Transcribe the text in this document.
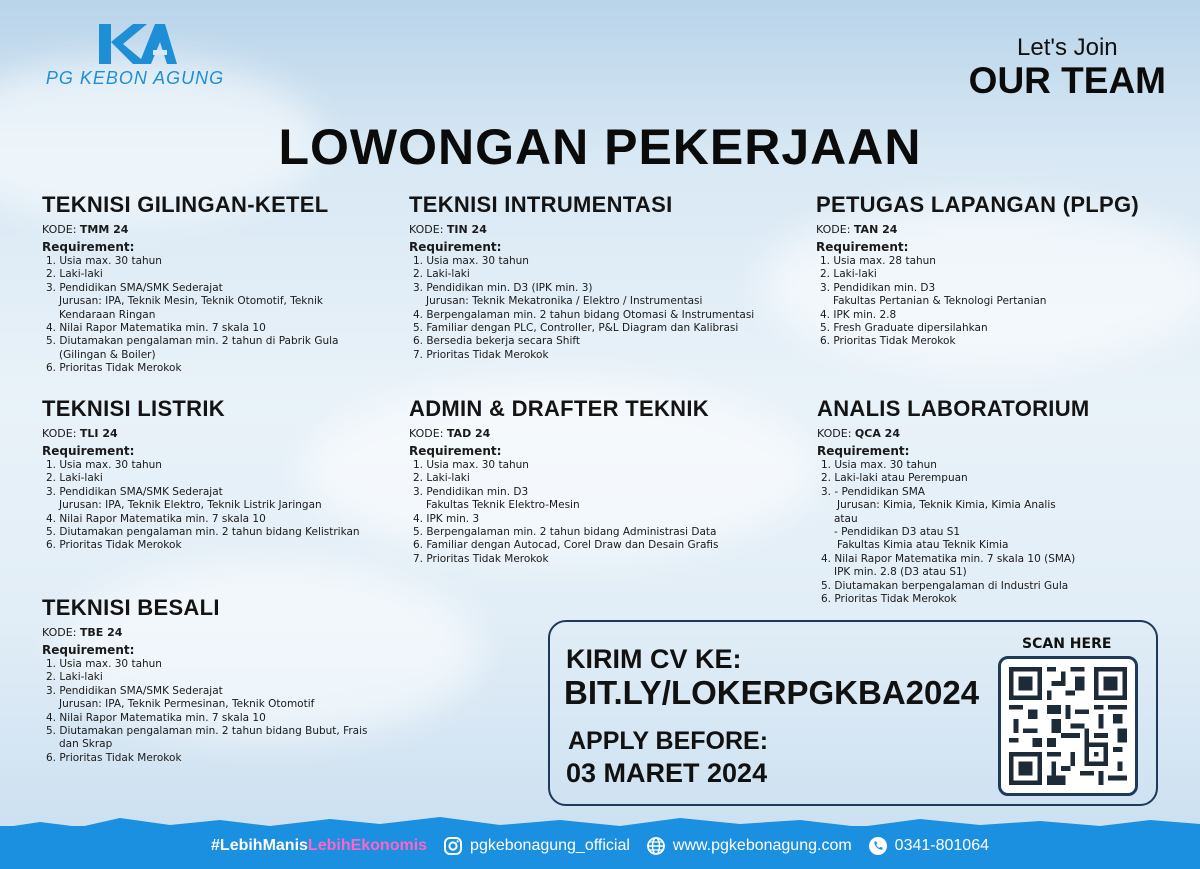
PG KEBON AGUNG
Let's Join
OUR TEAM
LOWONGAN PEKERJAAN
TEKNISI GILINGAN-KETEL
KODE: TMM 24
Requirement:
1. Usia max. 30 tahun
2. Laki-laki
3. Pendidikan SMA/SMK Sederajat
Jurusan: IPA, Teknik Mesin, Teknik Otomotif, Teknik
Kendaraan Ringan
4. Nilai Rapor Matematika min. 7 skala 10
5. Diutamakan pengalaman min. 2 tahun di Pabrik Gula
(Gilingan & Boiler)
6. Prioritas Tidak Merokok
TEKNISI INTRUMENTASI
KODE: TIN 24
Requirement:
1. Usia max. 30 tahun
2. Laki-laki
3. Pendidikan min. D3 (IPK min. 3)
Jurusan: Teknik Mekatronika / Elektro / Instrumentasi
4. Berpengalaman min. 2 tahun bidang Otomasi & Instrumentasi
5. Familiar dengan PLC, Controller, P&L Diagram dan Kalibrasi
6. Bersedia bekerja secara Shift
7. Prioritas Tidak Merokok
PETUGAS LAPANGAN (PLPG)
KODE: TAN 24
Requirement:
1. Usia max. 28 tahun
2. Laki-laki
3. Pendidikan min. D3
Fakultas Pertanian & Teknologi Pertanian
4. IPK min. 2.8
5. Fresh Graduate dipersilahkan
6. Prioritas Tidak Merokok
TEKNISI LISTRIK
KODE: TLI 24
Requirement:
1. Usia max. 30 tahun
2. Laki-laki
3. Pendidikan SMA/SMK Sederajat
Jurusan: IPA, Teknik Elektro, Teknik Listrik Jaringan
4. Nilai Rapor Matematika min. 7 skala 10
5. Diutamakan pengalaman min. 2 tahun bidang Kelistrikan
6. Prioritas Tidak Merokok
ADMIN & DRAFTER TEKNIK
KODE: TAD 24
Requirement:
1. Usia max. 30 tahun
2. Laki-laki
3. Pendidikan min. D3
Fakultas Teknik Elektro-Mesin
4. IPK min. 3
5. Berpengalaman min. 2 tahun bidang Administrasi Data
6. Familiar dengan Autocad, Corel Draw dan Desain Grafis
7. Prioritas Tidak Merokok
ANALIS LABORATORIUM
KODE: QCA 24
Requirement:
1. Usia max. 30 tahun
2. Laki-laki atau Perempuan
3. - Pendidikan SMA
Jurusan: Kimia, Teknik Kimia, Kimia Analis
atau
- Pendidikan D3 atau S1
Fakultas Kimia atau Teknik Kimia
4. Nilai Rapor Matematika min. 7 skala 10 (SMA)
IPK min. 2.8 (D3 atau S1)
5. Diutamakan berpengalaman di Industri Gula
6. Prioritas Tidak Merokok
TEKNISI BESALI
KODE: TBE 24
Requirement:
1. Usia max. 30 tahun
2. Laki-laki
3. Pendidikan SMA/SMK Sederajat
Jurusan: IPA, Teknik Permesinan, Teknik Otomotif
4. Nilai Rapor Matematika min. 7 skala 10
5. Diutamakan pengalaman min. 2 tahun bidang Bubut, Frais
dan Skrap
6. Prioritas Tidak Merokok
KIRIM CV KE:
BIT.LY/LOKERPGKBA2024
APPLY BEFORE:
03 MARET 2024
SCAN HERE
#LebihManisLebihEkonomis	pgkebonagung_official	www.pgkebonagung.com	0341-801064
